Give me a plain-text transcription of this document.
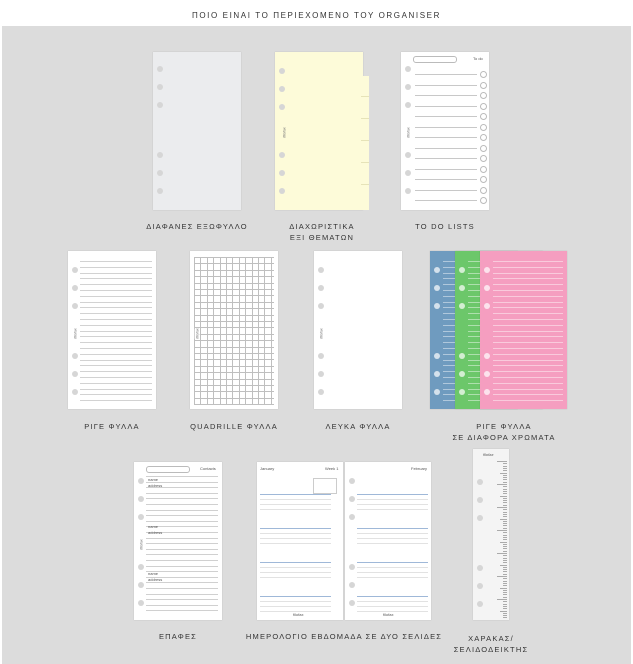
ΠΟΙΟ ΕΙΝΑΙ ΤΟ ΠΕΡΙΕΧΟΜΕΝΟ ΤΟΥ ORGANISER
ΔΙΑΦΑΝΕΣ ΕΞΩΦΥΛΛΟ
filofax
ΔΙΑΧΩΡΙΣΤΙΚΑ
ΕΞΙ ΘΕΜΑΤΩΝ
To do
filofax
TO DO LISTS
filofax
ΡΙΓΕ ΦΥΛΛΑ
filofax
QUADRILLE ΦΥΛΛΑ
filofax
ΛΕΥΚΑ ΦΥΛΛΑ	ΡΙΓΕ ΦΥΛΛΑ
ΣΕ ΔΙΑΦΟΡΑ ΧΡΩΜΑΤΑ
Contacts
filofax
name
address
name
address
name
address
ΕΠΑΦΕΣ
January	Week 1
filofax
February
filofax
ΗΜΕΡΟΛΟΓΙΟ ΕΒΔΟΜΑΔΑ ΣΕ ΔΥΟ ΣΕΛΙΔΕΣ
filofax
ΧΑΡΑΚΑΣ/
ΣΕΛΙΔΟΔΕΙΚΤΗΣ
